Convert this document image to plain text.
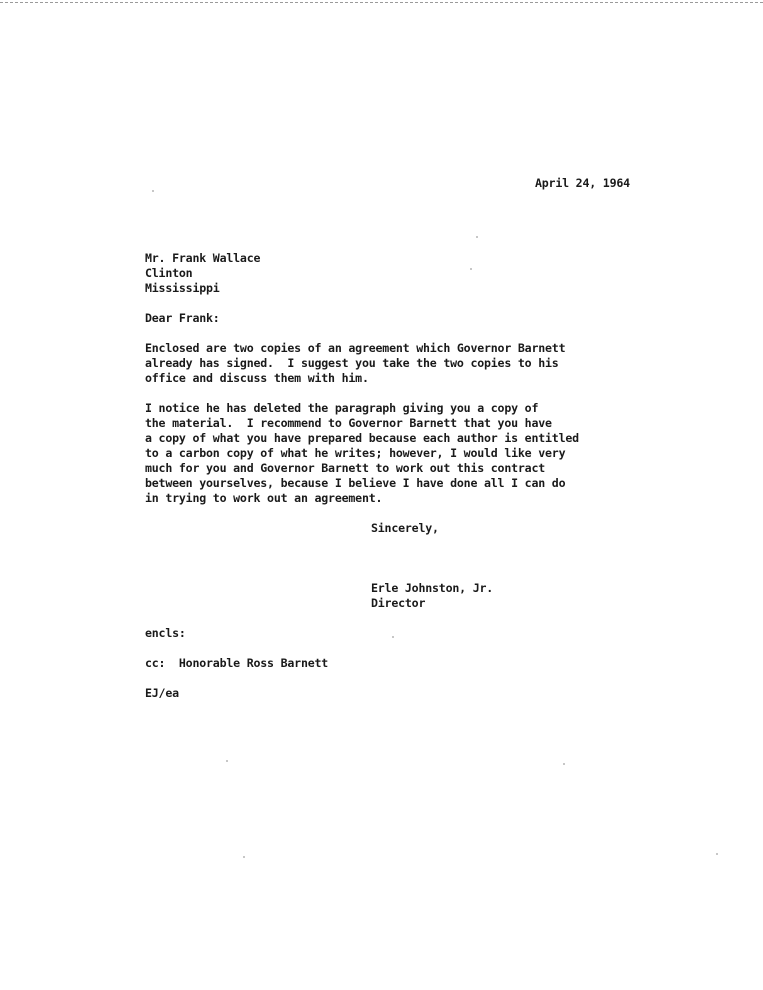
April 24, 1964
Mr. Frank Wallace
Clinton
Mississippi
Dear Frank:
Enclosed are two copies of an agreement which Governor Barnett
already has signed.  I suggest you take the two copies to his
office and discuss them with him.
I notice he has deleted the paragraph giving you a copy of
the material.  I recommend to Governor Barnett that you have
a copy of what you have prepared because each author is entitled
to a carbon copy of what he writes; however, I would like very
much for you and Governor Barnett to work out this contract
between yourselves, because I believe I have done all I can do
in trying to work out an agreement.
Sincerely,
Erle Johnston, Jr.
Director
encls:
cc:  Honorable Ross Barnett
EJ/ea
